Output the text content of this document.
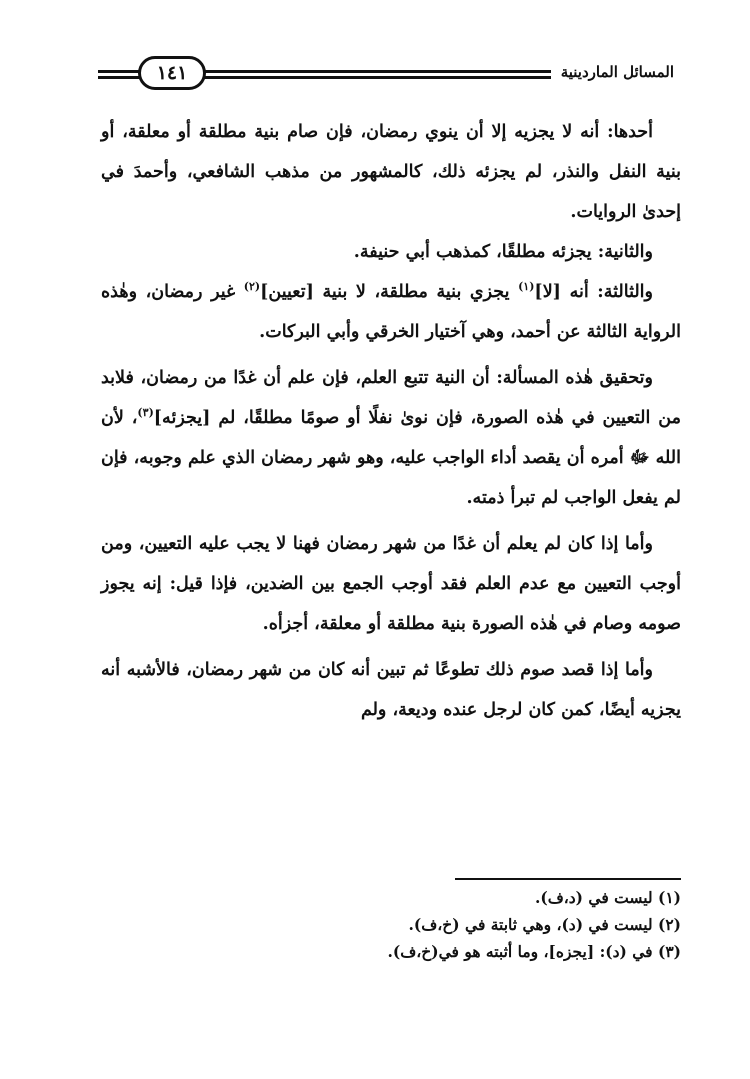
المسائل الماردينية
١٤١

أحدها: أنه لا يجزيه إلا أن ينوي رمضان، فإن صام بنية مطلقة أو معلقة، أو بنية النفل والنذر، لم يجزئه ذلك، كالمشهور من مذهب الشافعي، وأحمدَ في إحدىٰ الروايات.

والثانية: يجزئه مطلقًا، كمذهب أبي حنيفة.

والثالثة: أنه [لا]$^{(١)}$ يجزي بنية مطلقة، لا بنية [تعيين]$^{(٢)}$ غير رمضان، وهٰذه الرواية الثالثة عن أحمد، وهي آختيار الخرقي وأبي البركات.

وتحقيق هٰذه المسألة: أن النية تتبع العلم، فإن علم أن غدًا من رمضان، فلابد من التعيين في هٰذه الصورة، فإن نوىٰ نفلًا أو صومًا مطلقًا، لم [يجزئه]$^{(٣)}$، لأن الله ﷻ أمره أن يقصد أداء الواجب عليه، وهو شهر رمضان الذي علم وجوبه، فإن لم يفعل الواجب لم تبرأ ذمته.

وأما إذا كان لم يعلم أن غدًا من شهر رمضان فهنا لا يجب عليه التعيين، ومن أوجب التعيين مع عدم العلم فقد أوجب الجمع بين الضدين، فإذا قيل: إنه يجوز صومه وصام في هٰذه الصورة بنية مطلقة أو معلقة، أجزأه.

وأما إذا قصد صوم ذلك تطوعًا ثم تبين أنه كان من شهر رمضان، فالأشبه أنه يجزيه أيضًا، كمن كان لرجل عنده وديعة، ولم

(١) ليست في (د،ف).

(٢) ليست في (د)، وهي ثابتة في (خ،ف).

(٣) في (د): [يجزه]، وما أثبته هو في(خ،ف).
